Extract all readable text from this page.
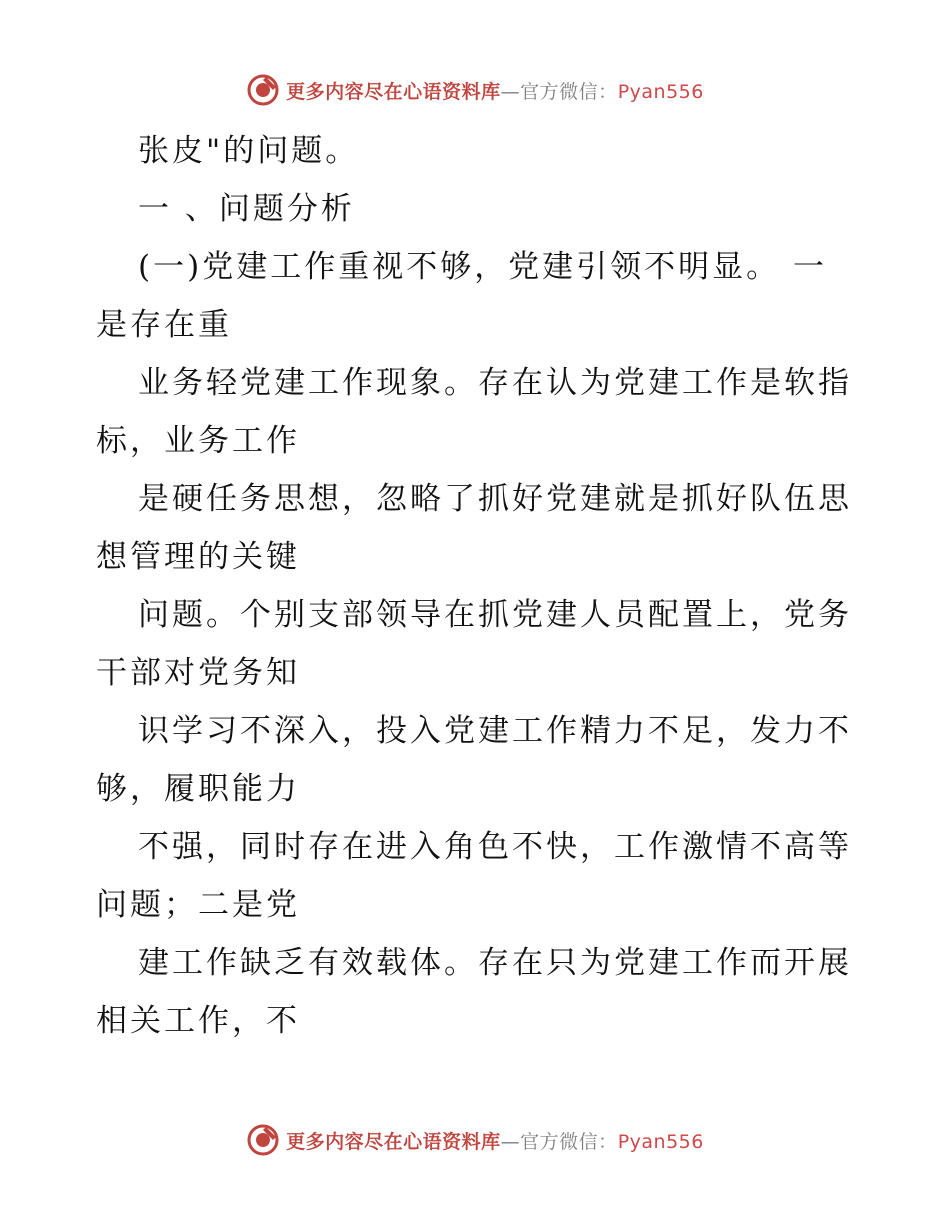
更多内容尽在心语资料库—官方微信：Pyan556
张皮"的问题。
一 、问题分析
(一)党建工作重视不够，党建引领不明显。 一
是存在重
业务轻党建工作现象。存在认为党建工作是软指
标，业务工作
是硬任务思想，忽略了抓好党建就是抓好队伍思
想管理的关键
问题。个别支部领导在抓党建人员配置上，党务
干部对党务知
识学习不深入，投入党建工作精力不足，发力不
够，履职能力
不强，同时存在进入角色不快，工作激情不高等
问题；二是党
建工作缺乏有效载体。存在只为党建工作而开展
相关工作，不
更多内容尽在心语资料库—官方微信：Pyan556
